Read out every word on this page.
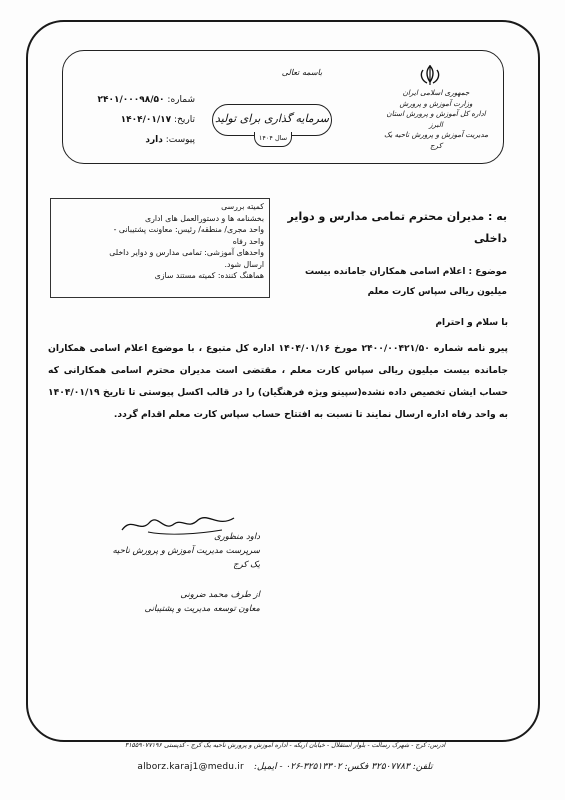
جمهوری اسلامی ایران
وزارت آموزش و پرورش
اداره کل آموزش و پرورش استان البرز
مدیریت آموزش و پرورش ناحیه یک کرج
باسمه تعالی
سرمایه گذاری برای تولید
سال ۱۴۰۴
شماره: ۲۴۰۱/۰۰۰۹۸/۵۰
تاریخ: ۱۴۰۴/۰۱/۱۷
پیوست: دارد
کمیته بررسی
بخشنامه ها و دستورالعمل های اداری
واحد مجری/ منطقه/ رئیس: معاونت پشتیبانی -
واحد رفاه
واحدهای آموزشی: تمامی مدارس و دوایر داخلی
ارسال شود.
هماهنگ کننده: کمیته مستند سازی
به : مدیران محترم تمامی مدارس و دوایر داخلی
موضوع : اعلام اسامی همکاران جامانده بیست میلیون ریالی سپاس کارت معلم
با سلام و احترام
پیرو نامه شماره ۲۴۰۰/۰۰۴۲۱/۵۰ مورخ ۱۴۰۴/۰۱/۱۶ اداره کل متبوع ، با موضوع اعلام اسامی همکاران جامانده بیست میلیون ریالی سپاس کارت معلم ، مقتضی است مدیران محترم اسامی همکارانی که حساب ایشان تخصیص داده نشده(سپینو ویژه فرهنگیان) را در قالب اکسل پیوستی تا تاریخ ۱۴۰۴/۰۱/۱۹ به واحد رفاه اداره ارسال نمایند تا نسبت به افتتاح حساب سپاس کارت معلم اقدام گردد.
داود منظوری
سرپرست مدیریت آموزش و پرورش ناحیه یک کرج
از طرف محمد ضرونی
معاون توسعه مدیریت و پشتیبانی
آدرس: کرج - شهرک رسالت - بلوار استقلال - خیابان اریکه - اداره آموزش و پرورش ناحیه یک کرج - کدپستی ۳۱۵۵۹۰۷۷۱۹۶
alborz.karaj1@medu.ir تلفن: ۳۲۵۰۷۷۸۳ فکس: ۳۲۵۱۳۳۰۲-۰۲۶ - ایمیل:
